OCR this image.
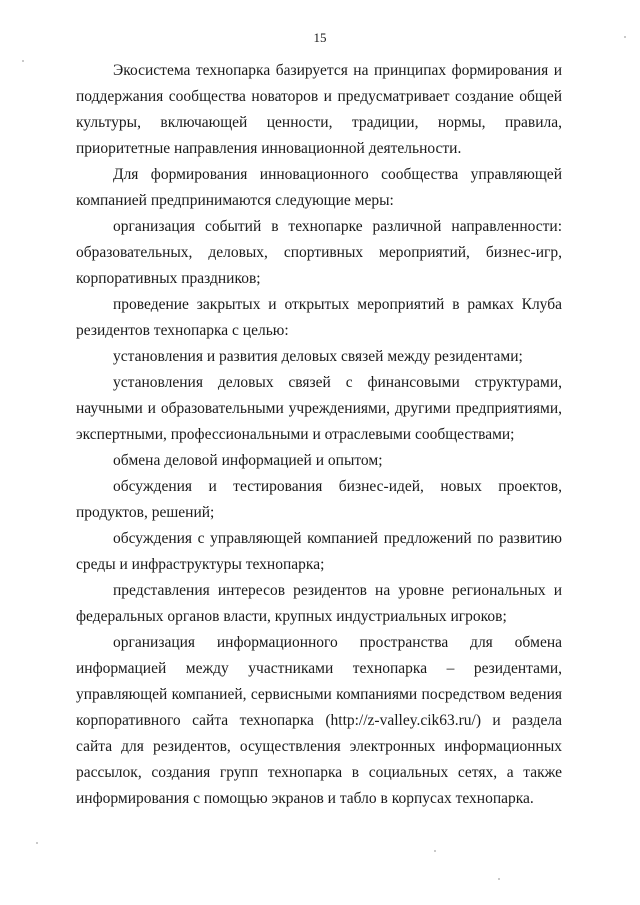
15

Экосистема технопарка базируется на принципах формирования и поддержания сообщества новаторов и предусматривает создание общей культуры, включающей ценности, традиции, нормы, правила, приоритетные направления инновационной деятельности.

Для формирования инновационного сообщества управляющей компанией предпринимаются следующие меры:

организация событий в технопарке различной направленности: образовательных, деловых, спортивных мероприятий, бизнес-игр, корпоративных праздников;

проведение закрытых и открытых мероприятий в рамках Клуба резидентов технопарка с целью:

установления и развития деловых связей между резидентами;

установления деловых связей с финансовыми структурами, научными и образовательными учреждениями, другими предприятиями, экспертными, профессиональными и отраслевыми сообществами;

обмена деловой информацией и опытом;

обсуждения и тестирования бизнес-идей, новых проектов, продуктов, решений;

обсуждения с управляющей компанией предложений по развитию среды и инфраструктуры технопарка;

представления интересов резидентов на уровне региональных и федеральных органов власти, крупных индустриальных игроков;

организация информационного пространства для обмена информацией между участниками технопарка – резидентами, управляющей компанией, сервисными компаниями посредством ведения корпоративного сайта технопарка (http://z-valley.cik63.ru/) и раздела сайта для резидентов, осуществления электронных информационных рассылок, создания групп технопарка в социальных сетях, а также информирования с помощью экранов и табло в корпусах технопарка.
